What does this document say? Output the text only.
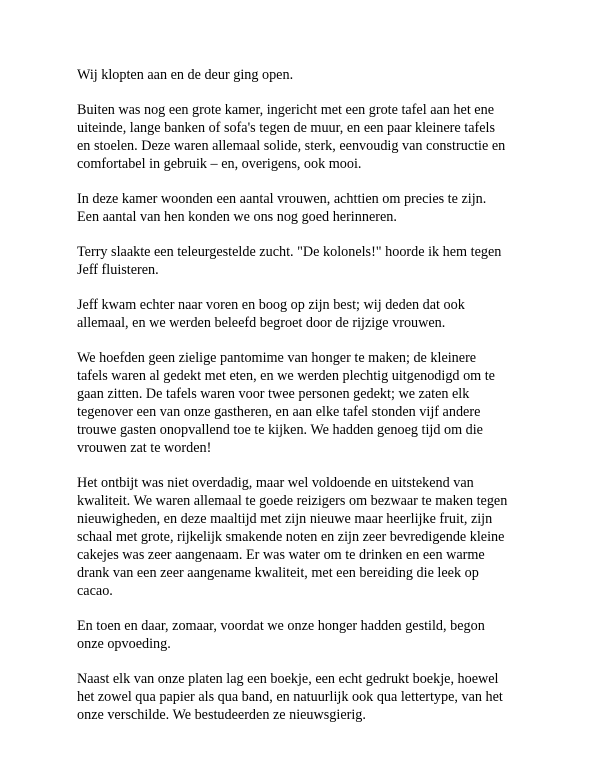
Wij klopten aan en de deur ging open.

Buiten was nog een grote kamer, ingericht met een grote tafel aan het ene
uiteinde, lange banken of sofa's tegen de muur, en een paar kleinere tafels
en stoelen. Deze waren allemaal solide, sterk, eenvoudig van constructie en
comfortabel in gebruik – en, overigens, ook mooi.

In deze kamer woonden een aantal vrouwen, achttien om precies te zijn.
Een aantal van hen konden we ons nog goed herinneren.

Terry slaakte een teleurgestelde zucht. "De kolonels!" hoorde ik hem tegen
Jeff fluisteren.

Jeff kwam echter naar voren en boog op zijn best; wij deden dat ook
allemaal, en we werden beleefd begroet door de rijzige vrouwen.

We hoefden geen zielige pantomime van honger te maken; de kleinere
tafels waren al gedekt met eten, en we werden plechtig uitgenodigd om te
gaan zitten. De tafels waren voor twee personen gedekt; we zaten elk
tegenover een van onze gastheren, en aan elke tafel stonden vijf andere
trouwe gasten onopvallend toe te kijken. We hadden genoeg tijd om die
vrouwen zat te worden!

Het ontbijt was niet overdadig, maar wel voldoende en uitstekend van
kwaliteit. We waren allemaal te goede reizigers om bezwaar te maken tegen
nieuwigheden, en deze maaltijd met zijn nieuwe maar heerlijke fruit, zijn
schaal met grote, rijkelijk smakende noten en zijn zeer bevredigende kleine
cakejes was zeer aangenaam. Er was water om te drinken en een warme
drank van een zeer aangename kwaliteit, met een bereiding die leek op
cacao.

En toen en daar, zomaar, voordat we onze honger hadden gestild, begon
onze opvoeding.

Naast elk van onze platen lag een boekje, een echt gedrukt boekje, hoewel
het zowel qua papier als qua band, en natuurlijk ook qua lettertype, van het
onze verschilde. We bestudeerden ze nieuwsgierig.
